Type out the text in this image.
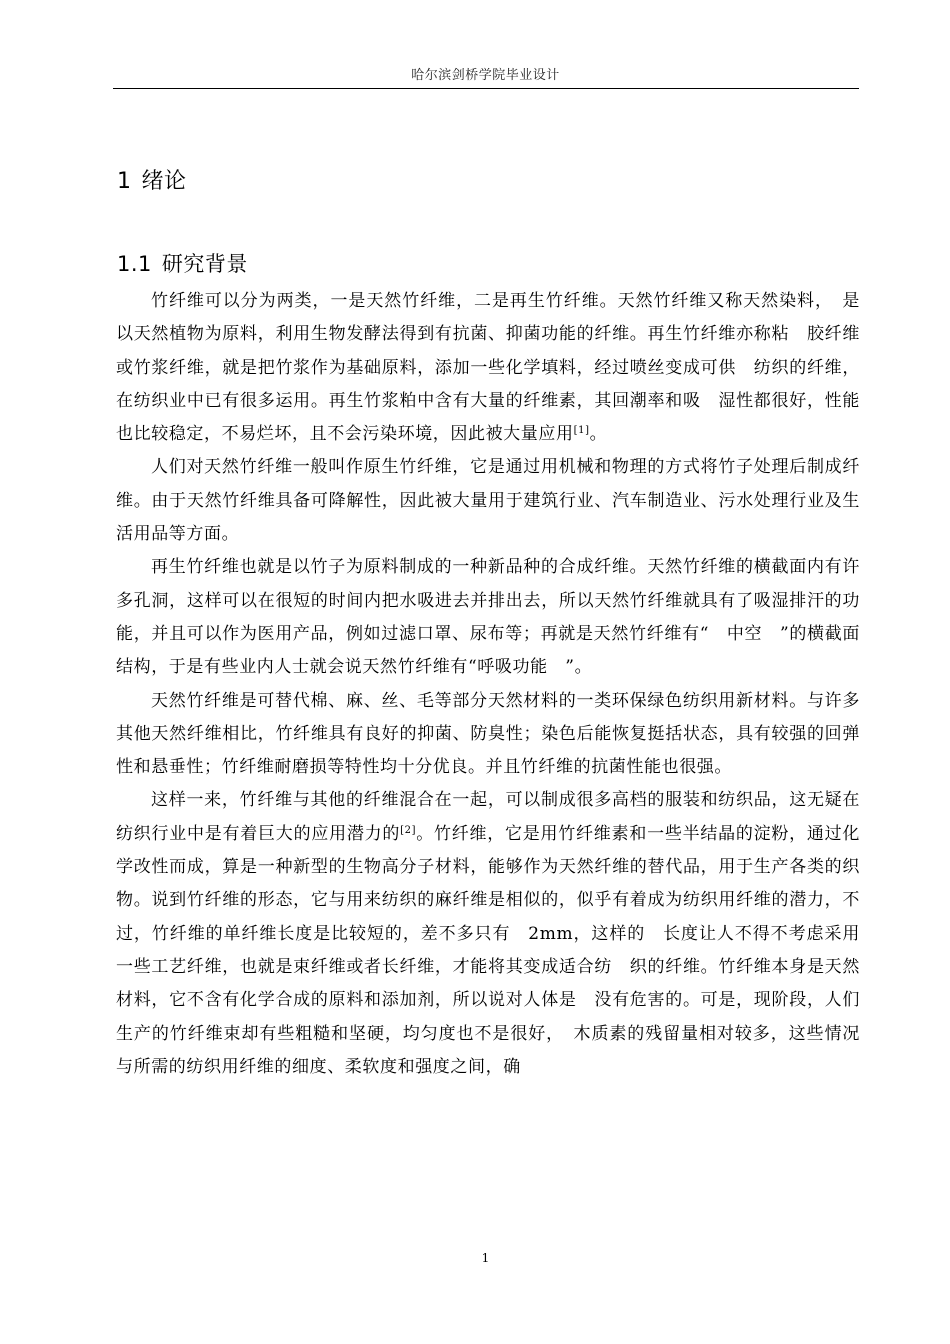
哈尔滨剑桥学院毕业设计
1 绪论
1.1 研究背景

竹纤维可以分为两类，一是天然竹纤维，二是再生竹纤维。天然竹纤维又称天然染料，　是以天然植物为原料，利用生物发酵法得到有抗菌、抑菌功能的纤维。再生竹纤维亦称粘　胶纤维或竹浆纤维，就是把竹浆作为基础原料，添加一些化学填料，经过喷丝变成可供　纺织的纤维，在纺织业中已有很多运用。再生竹浆粕中含有大量的纤维素，其回潮率和吸　湿性都很好，性能也比较稳定，不易烂坏，且不会污染环境，因此被大量应用[1]。

人们对天然竹纤维一般叫作原生竹纤维，它是通过用机械和物理的方式将竹子处理后制成纤维。由于天然竹纤维具备可降解性，因此被大量用于建筑行业、汽车制造业、污水处理行业及生活用品等方面。

再生竹纤维也就是以竹子为原料制成的一种新品种的合成纤维。天然竹纤维的横截面内有许多孔洞，这样可以在很短的时间内把水吸进去并排出去，所以天然竹纤维就具有了吸湿排汗的功能，并且可以作为医用产品，例如过滤口罩、尿布等；再就是天然竹纤维有“　中空　”的横截面结构，于是有些业内人士就会说天然竹纤维有“呼吸功能　”。

天然竹纤维是可替代棉、麻、丝、毛等部分天然材料的一类环保绿色纺织用新材料。与许多其他天然纤维相比，竹纤维具有良好的抑菌、防臭性；染色后能恢复挺括状态，具有较强的回弹性和悬垂性；竹纤维耐磨损等特性均十分优良。并且竹纤维的抗菌性能也很强。

这样一来，竹纤维与其他的纤维混合在一起，可以制成很多高档的服装和纺织品，这无疑在纺织行业中是有着巨大的应用潜力的[2]。竹纤维，它是用竹纤维素和一些半结晶的淀粉，通过化学改性而成，算是一种新型的生物高分子材料，能够作为天然纤维的替代品，用于生产各类的织物。说到竹纤维的形态，它与用来纺织的麻纤维是相似的，似乎有着成为纺织用纤维的潜力，不过，竹纤维的单纤维长度是比较短的，差不多只有　2mm，这样的　长度让人不得不考虑采用一些工艺纤维，也就是束纤维或者长纤维，才能将其变成适合纺　织的纤维。竹纤维本身是天然材料，它不含有化学合成的原料和添加剂，所以说对人体是　没有危害的。可是，现阶段，人们生产的竹纤维束却有些粗糙和坚硬，均匀度也不是很好，　木质素的残留量相对较多，这些情况与所需的纺织用纤维的细度、柔软度和强度之间，确

1
